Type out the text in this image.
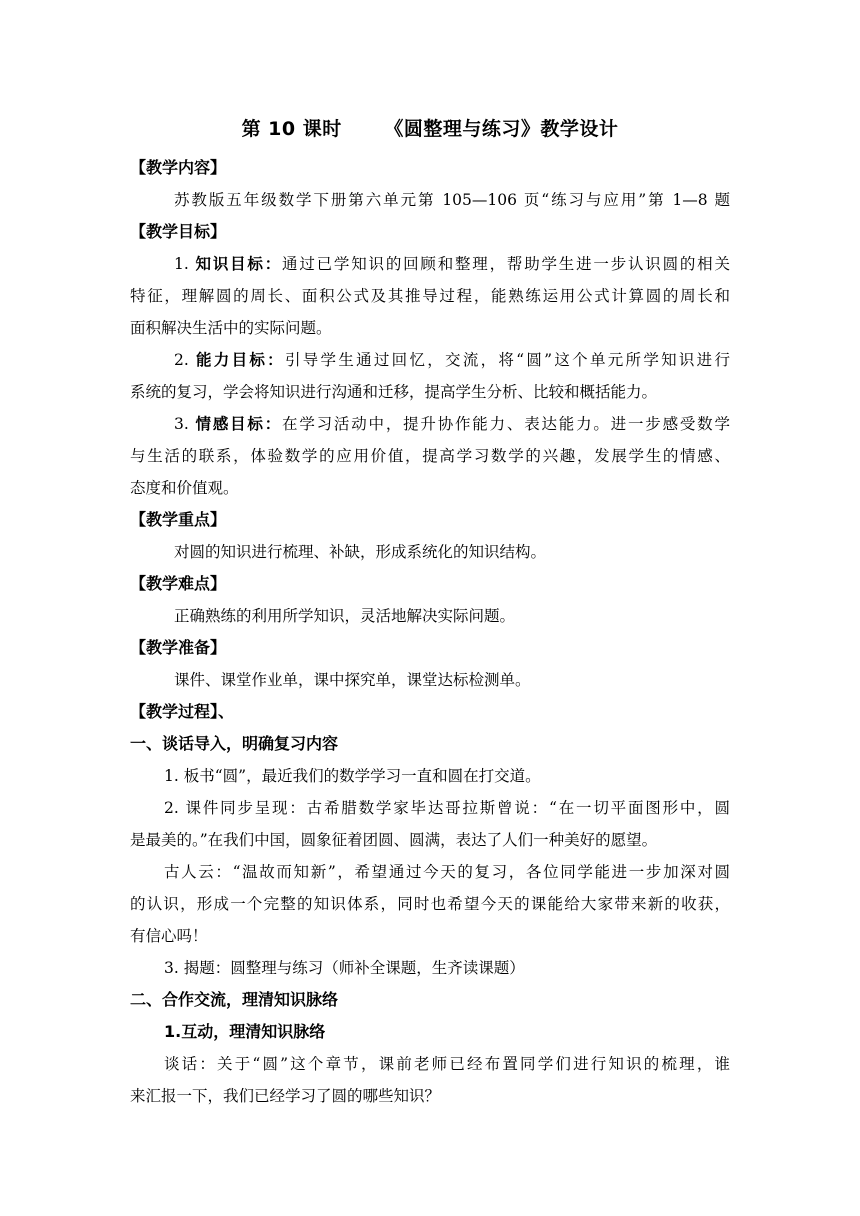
第 10 课时      《圆整理与练习》教学设计
【教学内容】
苏教版五年级数学下册第六单元第 105—106 页“练习与应用”第 1—8 题
【教学目标】
1. 知识目标：通过已学知识的回顾和整理，帮助学生进一步认识圆的相关
特征，理解圆的周长、面积公式及其推导过程，能熟练运用公式计算圆的周长和
面积解决生活中的实际问题。
2. 能力目标：引导学生通过回忆，交流，将“圆”这个单元所学知识进行
系统的复习，学会将知识进行沟通和迁移，提高学生分析、比较和概括能力。
3. 情感目标：在学习活动中，提升协作能力、表达能力。进一步感受数学
与生活的联系，体验数学的应用价值，提高学习数学的兴趣，发展学生的情感、
态度和价值观。
【教学重点】
对圆的知识进行梳理、补缺，形成系统化的知识结构。
【教学难点】
正确熟练的利用所学知识，灵活地解决实际问题。
【教学准备】
课件、课堂作业单，课中探究单，课堂达标检测单。
【教学过程】、
一、谈话导入，明确复习内容
1. 板书“圆”，最近我们的数学学习一直和圆在打交道。
2. 课件同步呈现：古希腊数学家毕达哥拉斯曾说：“在一切平面图形中，圆
是最美的。”在我们中国，圆象征着团圆、圆满，表达了人们一种美好的愿望。
古人云：“温故而知新”，希望通过今天的复习，各位同学能进一步加深对圆
的认识，形成一个完整的知识体系，同时也希望今天的课能给大家带来新的收获，
有信心吗！
3. 揭题：圆整理与练习（师补全课题，生齐读课题）
二、合作交流，理清知识脉络
1.互动，理清知识脉络
谈话：关于“圆”这个章节，课前老师已经布置同学们进行知识的梳理，谁
来汇报一下，我们已经学习了圆的哪些知识？
